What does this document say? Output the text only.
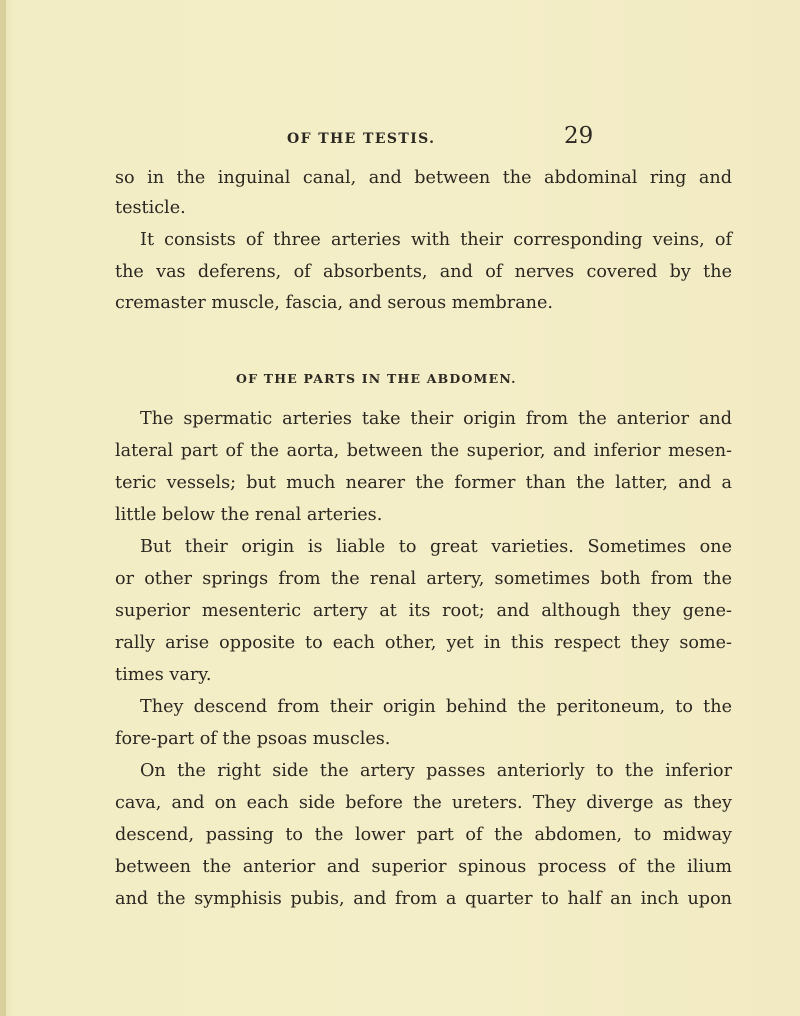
OF THE TESTIS.	29
so in the inguinal canal, and between the abdominal ring and
testicle.
It consists of three arteries with their corresponding veins, of
the vas deferens, of absorbents, and of nerves covered by the
cremaster muscle, fascia, and serous membrane.
OF THE PARTS IN THE ABDOMEN.
The spermatic arteries take their origin from the anterior and
lateral part of the aorta, between the superior, and inferior mesen-
teric vessels; but much nearer the former than the latter, and a
little below the renal arteries.
But their origin is liable to great varieties. Sometimes one
or other springs from the renal artery, sometimes both from the
superior mesenteric artery at its root; and although they gene-
rally arise opposite to each other, yet in this respect they some-
times vary.
They descend from their origin behind the peritoneum, to the
fore-part of the psoas muscles.
On the right side the artery passes anteriorly to the inferior
cava, and on each side before the ureters. They diverge as they
descend, passing to the lower part of the abdomen, to midway
between the anterior and superior spinous process of the ilium
and the symphisis pubis, and from a quarter to half an inch upon
